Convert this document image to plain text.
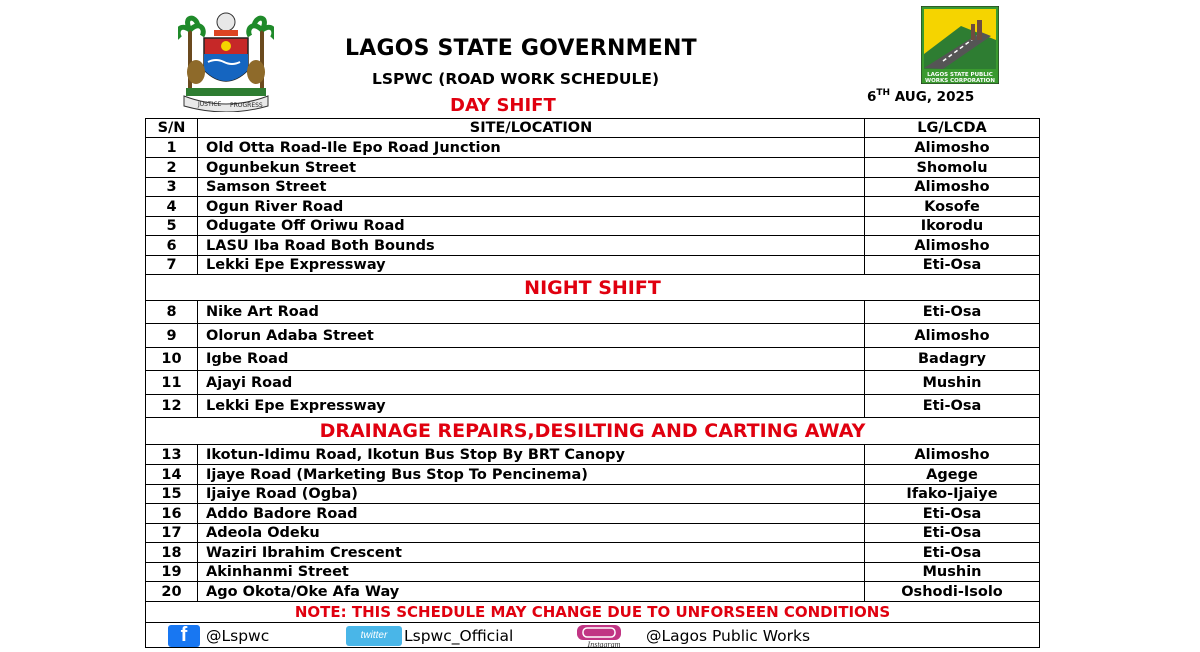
JUSTICE PROGRESS
LAGOS STATE GOVERNMENT
LSPWC (ROAD WORK SCHEDULE)
6TH AUG, 2025
LAGOS STATE PUBLIC
WORKS CORPORATION
DAY SHIFT
S/N	SITE/LOCATION	LG/LCDA
1	Old Otta Road-Ile Epo Road Junction	Alimosho
2	Ogunbekun Street	Shomolu
3	Samson Street	Alimosho
4	Ogun River Road	Kosofe
5	Odugate Off Oriwu Road	Ikorodu
6	LASU Iba Road Both Bounds	Alimosho
7	Lekki Epe Expressway	Eti-Osa
NIGHT SHIFT
8	Nike Art Road	Eti-Osa
9	Olorun Adaba Street	Alimosho
10	Igbe Road	Badagry
11	Ajayi Road	Mushin
12	Lekki Epe Expressway	Eti-Osa
DRAINAGE REPAIRS,DESILTING AND CARTING AWAY
13	Ikotun-Idimu Road, Ikotun Bus Stop By BRT Canopy	Alimosho
14	Ijaye Road (Marketing Bus Stop To Pencinema)	Agege
15	Ijaiye Road (Ogba)	Ifako-Ijaiye
16	Addo Badore Road	Eti-Osa
17	Adeola Odeku	Eti-Osa
18	Waziri Ibrahim Crescent	Eti-Osa
19	Akinhanmi Street	Mushin
20	Ago Okota/Oke Afa Way	Oshodi-Isolo
NOTE: THIS SCHEDULE MAY CHANGE DUE TO UNFORSEEN CONDITIONS
f	@Lspwc	twitter	Lspwc_Official	Instagram @Lagos Public Works
